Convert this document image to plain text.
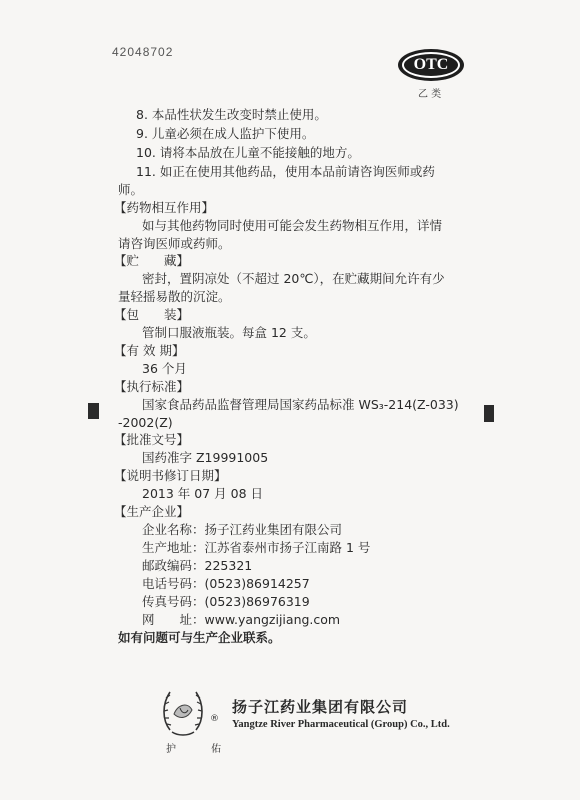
42048702
OTC
乙 类
8. 本品性状发生改变时禁止使用。
9. 儿童必须在成人监护下使用。
10. 请将本品放在儿童不能接触的地方。
11. 如正在使用其他药品，使用本品前请咨询医师或药
师。
【药物相互作用】
如与其他药物同时使用可能会发生药物相互作用，详情
请咨询医师或药师。
【贮　　藏】
密封，置阴凉处（不超过 20℃），在贮藏期间允许有少
量轻摇易散的沉淀。
【包　　装】
管制口服液瓶装。每盒 12 支。
【有 效 期】
36 个月
【执行标准】
国家食品药品监督管理局国家药品标准 WS₃-214(Z-033)
-2002(Z)
【批准文号】
国药准字 Z19991005
【说明书修订日期】
2013 年 07 月 08 日
【生产企业】
企业名称：扬子江药业集团有限公司
生产地址：江苏省泰州市扬子江南路 1 号
邮政编码：225321
电话号码：(0523)86914257
传真号码：(0523)86976319
网　　址：www.yangzijiang.com
如有问题可与生产企业联系。
®
扬子江药业集团有限公司
Yangtze River Pharmaceutical (Group) Co., Ltd.
护 佑
